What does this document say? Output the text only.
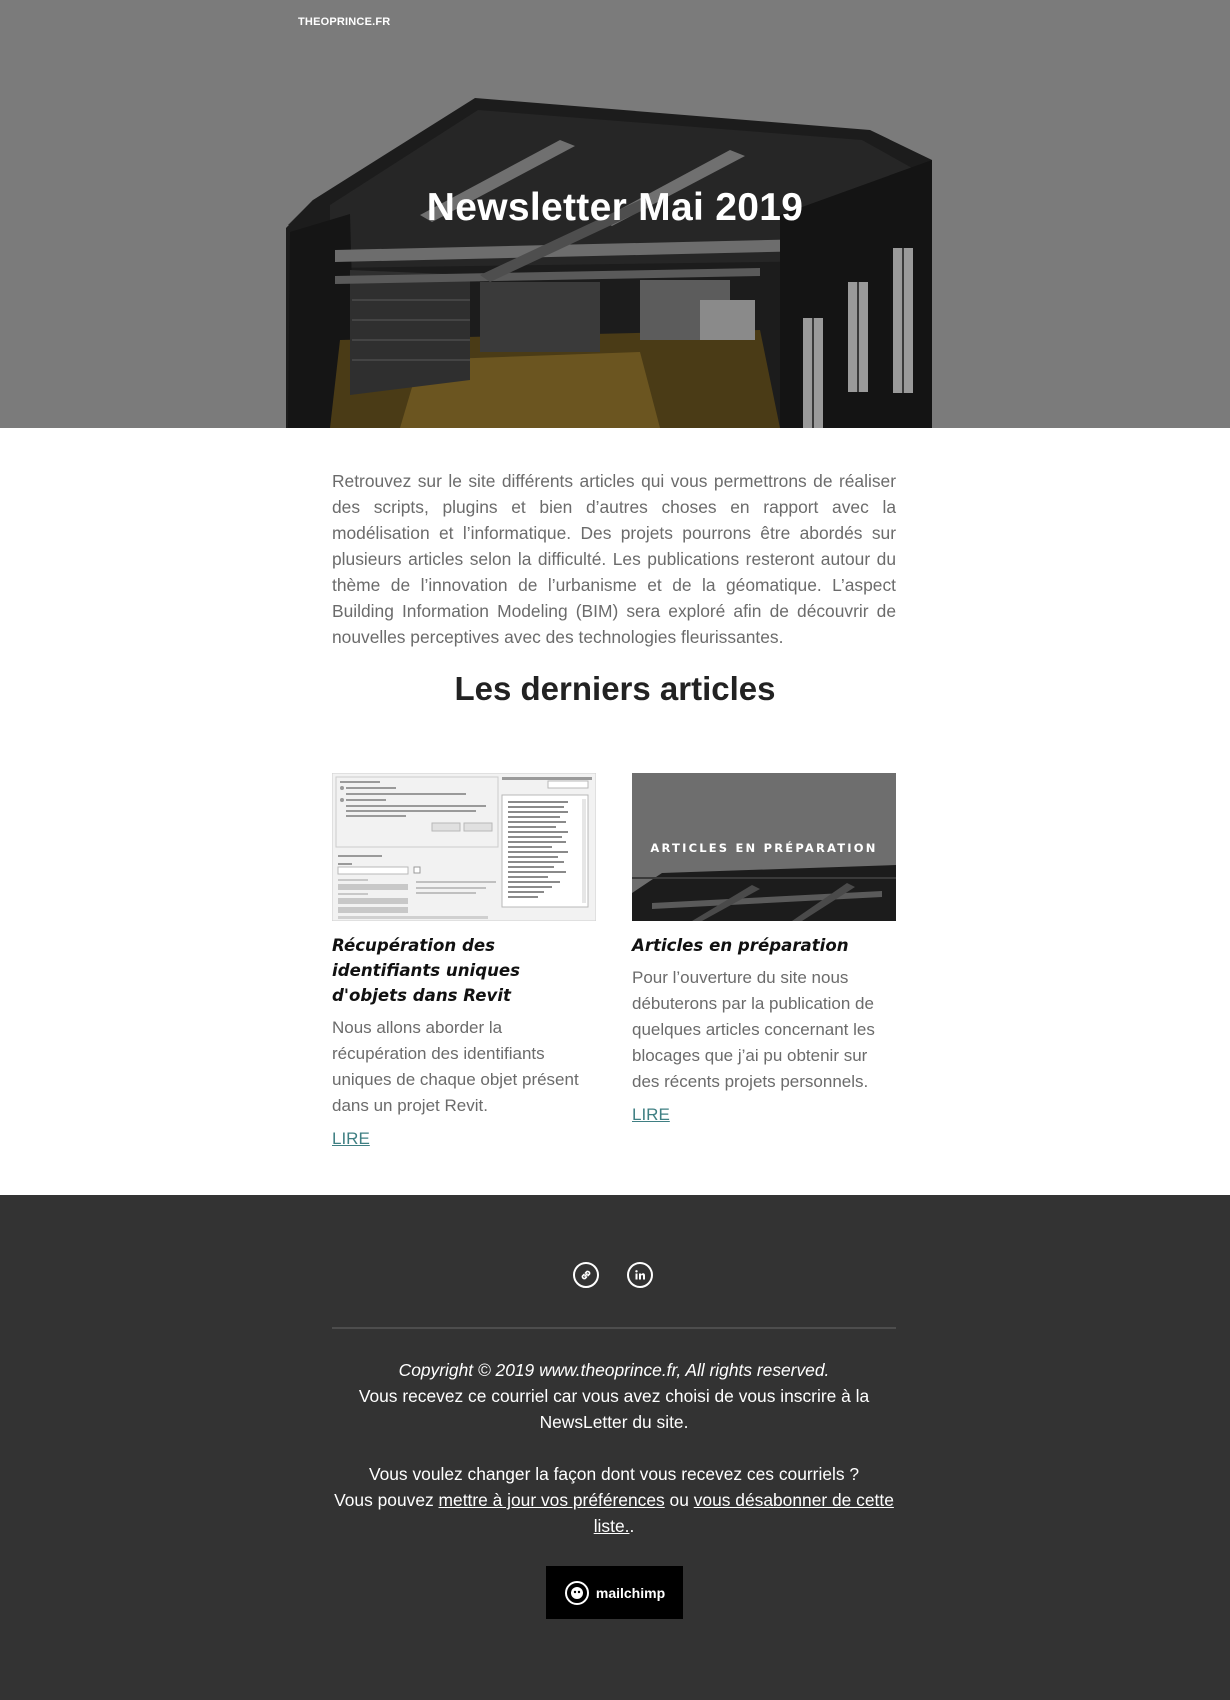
THEOPRINCE.FR
Newsletter Mai 2019

Retrouvez sur le site différents articles qui vous permettrons de réaliser des scripts, plugins et bien d’autres choses en rapport avec la modélisation et l’informatique. Des projets pourrons être abordés sur plusieurs articles selon la difficulté. Les publications resteront autour du thème de l’innovation de l’urbanisme et de la géomatique. L’aspect Building Information Modeling (BIM) sera exploré afin de découvrir de nouvelles perceptives avec des technologies fleurissantes.

Les derniers articles
Récupération des identifiants uniques d'objets dans Revit
Nous allons aborder la récupération des identifiants uniques de chaque objet présent dans un projet Revit.
LIRE
ARTICLES EN PRÉPARATION
Articles en préparation
Pour l’ouverture du site nous débuterons par la publication de quelques articles concernant les blocages que j’ai pu obtenir sur des récents projets personnels.
LIRE
Copyright © 2019 www.theoprince.fr, All rights reserved.
Vous recevez ce courriel car vous avez choisi de vous inscrire à la NewsLetter du site.
Vous voulez changer la façon dont vous recevez ces courriels ?
Vous pouvez mettre à jour vos préférences ou vous désabonner de cette liste..
mailchimp
